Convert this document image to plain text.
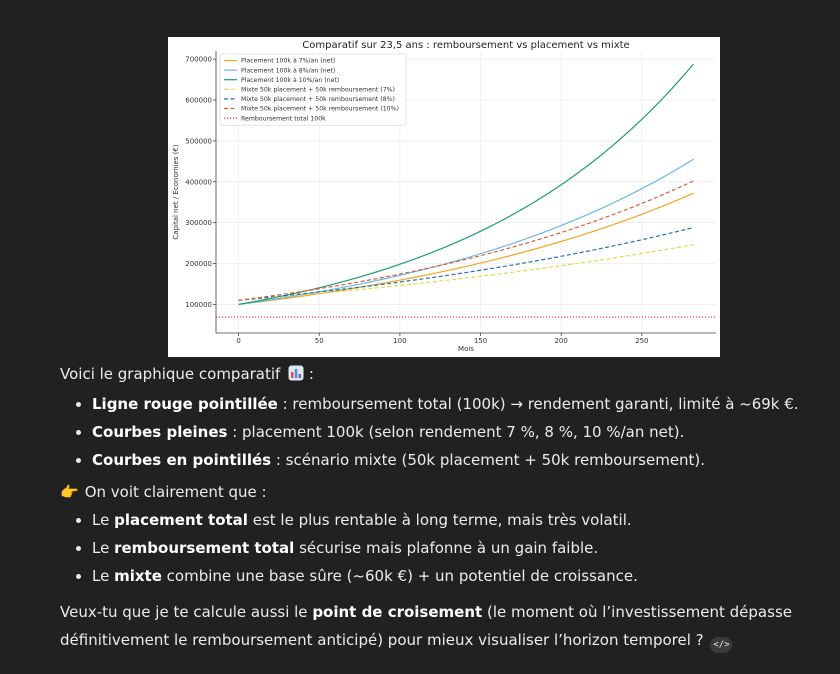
0	50	100	150	200	250
100000
200000
300000
400000
500000
600000
700000
Comparatif sur 23,5 ans : remboursement vs placement vs mixte
Mois
Capital net / Économies (€)
Placement 100k à 7%/an (net)
Placement 100k à 8%/an (net)
Placement 100k à 10%/an (net)
Mixte 50k placement + 50k remboursement (7%)
Mixte 50k placement + 50k remboursement (8%)
Mixte 50k placement + 50k remboursement (10%)
Remboursement total 100k

Voici le graphique comparatif :

• Ligne rouge pointillée : remboursement total (100k) → rendement garanti, limité à ~69k €.
• Courbes pleines : placement 100k (selon rendement 7 %, 8 %, 10 %/an net).
• Courbes en pointillés : scénario mixte (50k placement + 50k remboursement).

👉 On voit clairement que :

• Le placement total est le plus rentable à long terme, mais très volatil.
• Le remboursement total sécurise mais plafonne à un gain faible.
• Le mixte combine une base sûre (~60k €) + un potentiel de croissance.

Veux-tu que je te calcule aussi le point de croisement (le moment où l’investissement dépasse définitivement le remboursement anticipé) pour mieux visualiser l’horizon temporel ? </>
